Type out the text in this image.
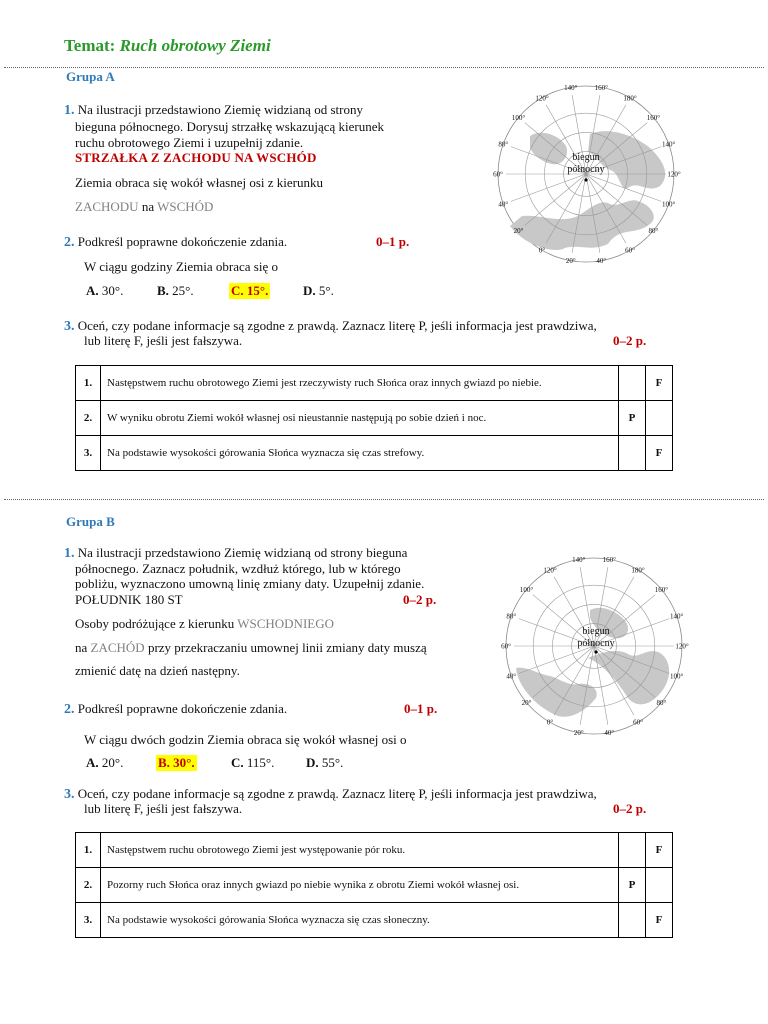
Temat: Ruch obrotowy Ziemi
Grupa A
1. Na ilustracji przedstawiono Ziemię widzianą od strony
bieguna północnego. Dorysuj strzałkę wskazującą kierunek
ruchu obrotowego Ziemi i uzupełnij zdanie.
STRZAŁKA Z ZACHODU NA WSCHÓD
Ziemia obraca się wokół własnej osi z kierunku
ZACHODU na WSCHÓD
2. Podkreśl poprawne dokończenie zdania.	0–1 p.
W ciągu godziny Ziemia obraca się o
A. 30°.	B. 25°.	C. 15°.	D. 5°.
3. Oceń, czy podane informacje są zgodne z prawdą. Zaznacz literę P, jeśli informacja jest prawdziwa,
lub literę F, jeśli jest fałszywa.	0–2 p.
1.	Następstwem ruchu obrotowego Ziemi jest rzeczywisty ruch Słońca oraz innych gwiazd po niebie.		F
2.	W wyniku obrotu Ziemi wokół własnej osi nieustannie następują po sobie dzień i noc.	P	
3.	Na podstawie wysokości górowania Słońca wyznacza się czas strefowy.		F
biegun
północny
140° 160°
180°
160°
140°
120°
100°
80°
60°
40°
20°
0°
20°
40°
60°
80°
100°
120°
Grupa B
1. Na ilustracji przedstawiono Ziemię widzianą od strony bieguna
północnego. Zaznacz południk, wzdłuż którego, lub w którego
pobliżu, wyznaczono umowną linię zmiany daty. Uzupełnij zdanie.
POŁUDNIK 180 ST	0–2 p.
Osoby podróżujące z kierunku WSCHODNIEGO
na ZACHÓD przy przekraczaniu umownej linii zmiany daty muszą
zmienić datę na dzień następny.
2. Podkreśl poprawne dokończenie zdania.	0–1 p.
W ciągu dwóch godzin Ziemia obraca się wokół własnej osi o
A. 20°.	B. 30°.	C. 115°. D. 55°.
3. Oceń, czy podane informacje są zgodne z prawdą. Zaznacz literę P, jeśli informacja jest prawdziwa,
lub literę F, jeśli jest fałszywa.	0–2 p.
1.	Następstwem ruchu obrotowego Ziemi jest występowanie pór roku.		F
2.	Pozorny ruch Słońca oraz innych gwiazd po niebie wynika z obrotu Ziemi wokół własnej osi.	P	
3.	Na podstawie wysokości górowania Słońca wyznacza się czas słoneczny.		F
biegun
północny
160°
180°
160°
140°
120°
100°
80°
60°
40°
20°
0°
20°
40°
60°
80°
100°
120°
140°
